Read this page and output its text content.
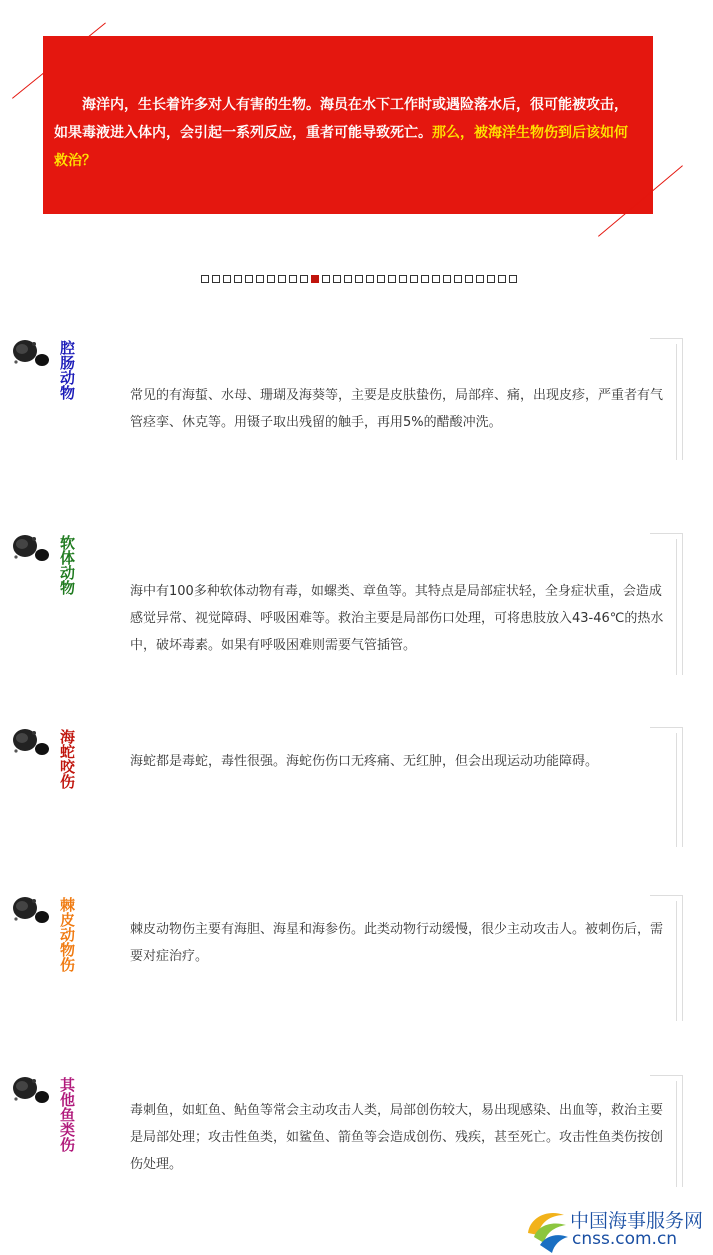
海洋内，生长着许多对人有害的生物。海员在水下工作时或遇险落水后，很可能被攻击，如果毒液进入体内，会引起一系列反应，重者可能导致死亡。那么，被海洋生物伤到后该如何救治？
腔肠动物	常见的有海蜇、水母、珊瑚及海葵等，主要是皮肤蛰伤，局部痒、痛，出现皮疹，严重者有气管痉挛、休克等。用镊子取出残留的触手，再用5%的醋酸冲洗。
软体动物	海中有100多种软体动物有毒，如螺类、章鱼等。其特点是局部症状轻，全身症状重，会造成感觉异常、视觉障碍、呼吸困难等。救治主要是局部伤口处理，可将患肢放入43-46℃的热水中，破坏毒素。如果有呼吸困难则需要气管插管。
海蛇咬伤	海蛇都是毒蛇，毒性很强。海蛇伤伤口无疼痛、无红肿，但会出现运动功能障碍。
棘皮动物伤	棘皮动物伤主要有海胆、海星和海参伤。此类动物行动缓慢，很少主动攻击人。被刺伤后，需要对症治疗。
其他鱼类伤	毒刺鱼，如虹鱼、鲇鱼等常会主动攻击人类，局部创伤较大，易出现感染、出血等，救治主要是局部处理；攻击性鱼类，如鲨鱼、箭鱼等会造成创伤、残疾，甚至死亡。攻击性鱼类伤按创伤处理。
中国海事服务网
cnss.com.cn
